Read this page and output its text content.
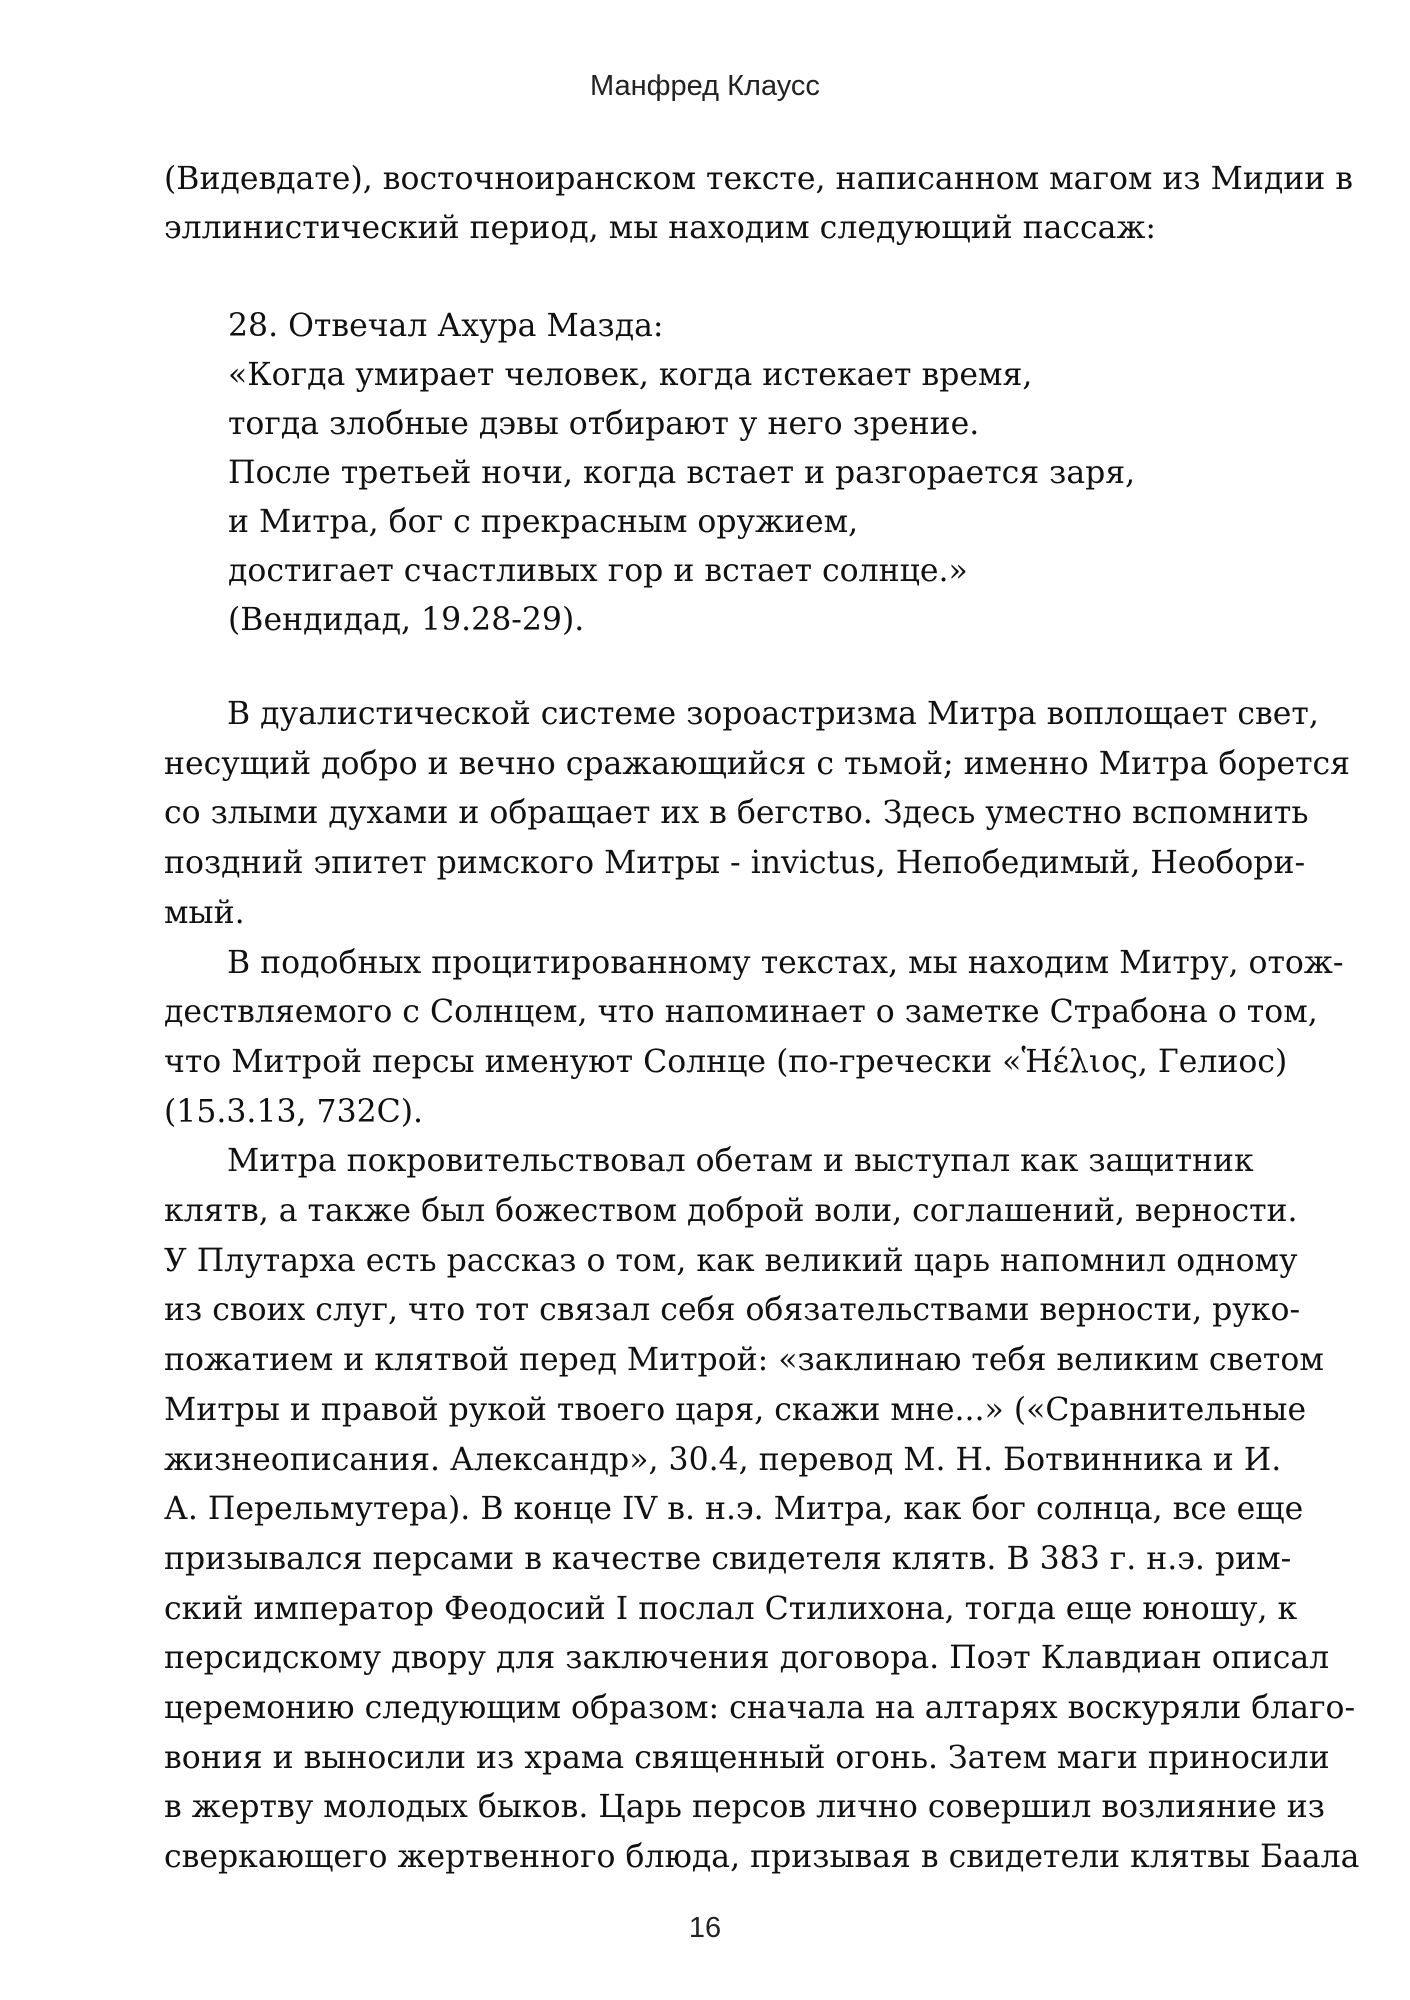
Манфред Клаусс
(Видевдате), восточноиранском тексте, написанном магом из Мидии в
эллинистический период, мы находим следующий пассаж:
28. Отвечал Ахура Мазда:
«Когда умирает человек, когда истекает время,
тогда злобные дэвы отбирают у него зрение.
После третьей ночи, когда встает и разгорается заря,
и Митра, бог с прекрасным оружием,
достигает счастливых гор и встает солнце.»
(Вендидад, 19.28-29).
В дуалистической системе зороастризма Митра воплощает свет,
несущий добро и вечно сражающийся с тьмой; именно Митра борется
со злыми духами и обращает их в бегство. Здесь уместно вспомнить
поздний эпитет римского Митры - invictus, Непобедимый, Необори-
мый.
В подобных процитированному текстах, мы находим Митру, отож-
дествляемого с Солнцем, что напоминает о заметке Страбона о том,
что Митрой персы именуют Солнце (по-гречески «Ἡέλιος, Гелиос)
(15.3.13, 732C).
Митра покровительствовал обетам и выступал как защитник
клятв, а также был божеством доброй воли, соглашений, верности.
У Плутарха есть рассказ о том, как великий царь напомнил одному
из своих слуг, что тот связал себя обязательствами верности, руко-
пожатием и клятвой перед Митрой: «заклинаю тебя великим светом
Митры и правой рукой твоего царя, скажи мне...» («Сравнительные
жизнеописания. Александр», 30.4, перевод М. Н. Ботвинника и И.
А. Перельмутера). В конце IV в. н.э. Митра, как бог солнца, все еще
призывался персами в качестве свидетеля клятв. В 383 г. н.э. рим-
ский император Феодосий I послал Стилихона, тогда еще юношу, к
персидскому двору для заключения договора. Поэт Клавдиан описал
церемонию следующим образом: сначала на алтарях воскуряли благо-
вония и выносили из храма священный огонь. Затем маги приносили
в жертву молодых быков. Царь персов лично совершил возлияние из
сверкающего жертвенного блюда, призывая в свидетели клятвы Баала
16
